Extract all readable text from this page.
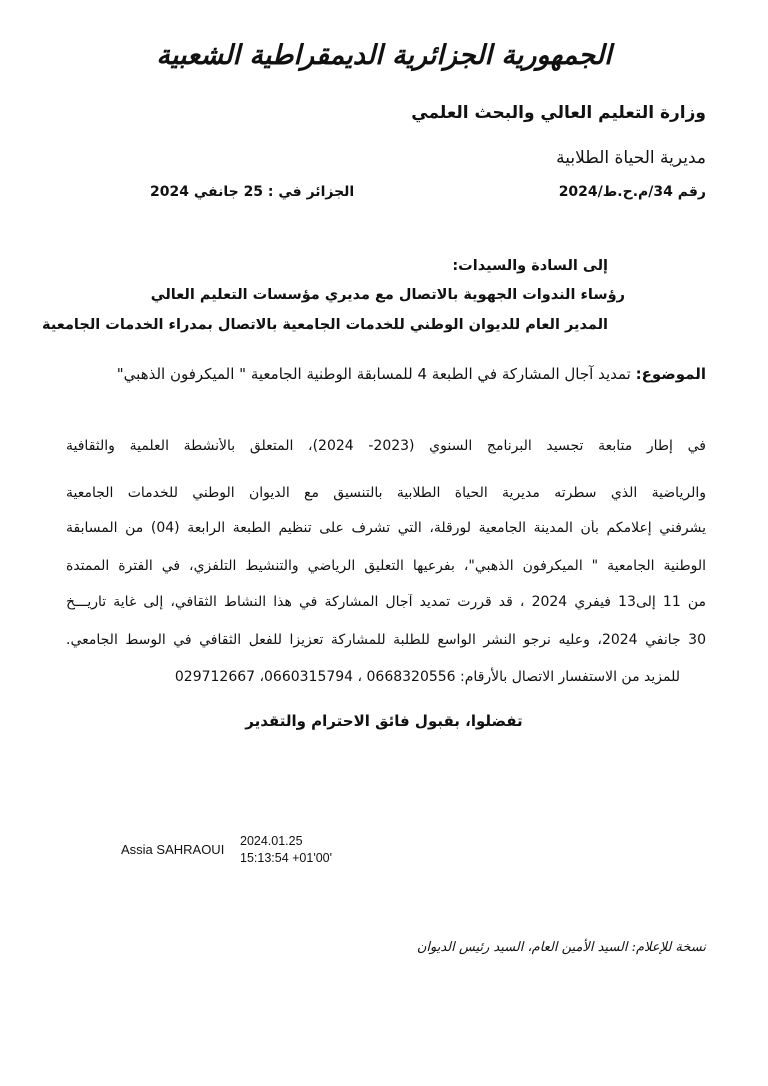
الجمهورية الجزائرية الديمقراطية الشعبية
وزارة التعليم العالي والبحث العلمي
مديرية الحياة الطلابية
رقم 34/م.ح.ط/2024
الجزائر في : 25 جانفي 2024
إلى السادة والسيدات:
رؤساء الندوات الجهوية بالاتصال مع مديري مؤسسات التعليم العالي
المدير العام للديوان الوطني للخدمات الجامعية بالاتصال بمدراء الخدمات الجامعية
الموضوع: تمديد آجال المشاركة في الطبعة 4 للمسابقة الوطنية الجامعية " الميكرفون الذهبي"
في إطار متابعة تجسيد البرنامج السنوي (2023- 2024)، المتعلق بالأنشطة العلمية والثقافية
والرياضية الذي سطرته مديرية الحياة الطلابية بالتنسيق مع الديوان الوطني للخدمات الجامعية
يشرفني إعلامكم بأن المدينة الجامعية لورقلة، التي تشرف على تنظيم الطبعة الرابعة (04) من المسابقة
الوطنية الجامعية " الميكرفون الذهبي"، بفرعيها التعليق الرياضي والتنشيط التلفزي، في الفترة الممتدة
من 11 إلى13 فيفري 2024 ، قد قررت تمديد آجال المشاركة في هذا النشاط الثقافي، إلى غاية تاريـــخ
30 جانفي 2024، وعليه نرجو النشر الواسع للطلبة للمشاركة تعزيزا للفعل الثقافي في الوسط الجامعي.
للمزيد من الاستفسار الاتصال بالأرقام: 0668320556 ، 0660315794، 029712667
تفضلوا، بقبول فائق الاحترام والتقدير
Assia SAHRAOUI
2024.01.25
15:13:54 +01'00'
نسخة للإعلام: السيد الأمين العام، السيد رئيس الديوان
